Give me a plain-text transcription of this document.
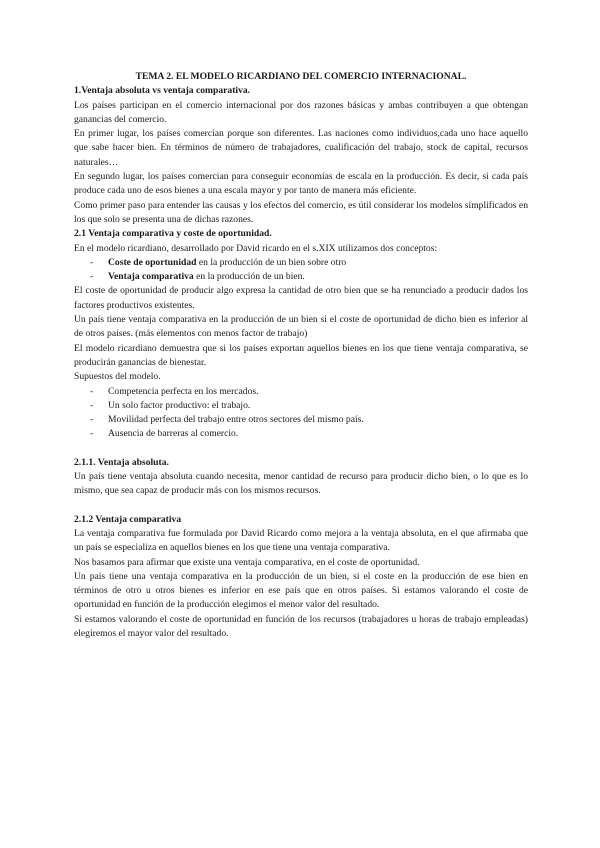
TEMA 2. EL MODELO RICARDIANO DEL COMERCIO INTERNACIONAL.

1.Ventaja absoluta vs ventaja comparativa.

Los países participan en el comercio internacional por dos razones básicas y ambas contribuyen a que obtengan ganancias del comercio.

En primer lugar, los países comercian porque son diferentes. Las naciones como individuos,cada uno hace aquello que sabe hacer bien. En términos de número de trabajadores, cualificación del trabajo, stock de capital, recursos naturales…

En segundo lugar, los países comercian para conseguir economías de escala en la producción. Es decir, si cada país produce cada uno de esos bienes a una escala mayor y por tanto de manera más eficiente.

Como primer paso para entender las causas y los efectos del comercio, es útil considerar los modelos simplificados en los que solo se presenta una de dichas razones.

2.1 Ventaja comparativa y coste de oportunidad.

En el modelo ricardiano, desarrollado por David ricardo en el s.XIX utilizamos dos conceptos:

- Coste de oportunidad en la producción de un bien sobre otro
- Ventaja comparativa en la producción de un bien.

El coste de oportunidad de producir algo expresa la cantidad de otro bien que se ha renunciado a producir dados los factores productivos existentes.

Un país tiene ventaja comparativa en la producción de un bien si el coste de oportunidad de dicho bien es inferior al de otros países. (más elementos con menos factor de trabajo)

El modelo ricardiano demuestra que si los países exportan aquellos bienes en los que tiene ventaja comparativa, se producirán ganancias de bienestar.

Supuestos del modelo.

- Competencia perfecta en los mercados.
- Un solo factor productivo: el trabajo.
- Movilidad perfecta del trabajo entre otros sectores del mismo país.
- Ausencia de barreras al comercio.

2.1.1. Ventaja absoluta.

Un país tiene ventaja absoluta cuando necesita, menor cantidad de recurso para producir dicho bien, o lo que es lo mismo, que sea capaz de producir más con los mismos recursos.

2.1.2 Ventaja comparativa

La ventaja comparativa fue formulada por David Ricardo como mejora a la ventaja absoluta, en el que afirmaba que un país se especializa en aquellos bienes en los que tiene una ventaja comparativa.

Nos basamos para afirmar que existe una ventaja comparativa, en el coste de oportunidad.

Un país tiene una ventaja comparativa en la producción de un bien, si el coste en la producción de ese bien en términos de otro u otros bienes es inferior en ese país que en otros países. Si estamos valorando el coste de oportunidad en función de la producción elegimos el menor valor del resultado.

Si estamos valorando el coste de oportunidad en función de los recursos (trabajadores u horas de trabajo empleadas) elegiremos el mayor valor del resultado.
